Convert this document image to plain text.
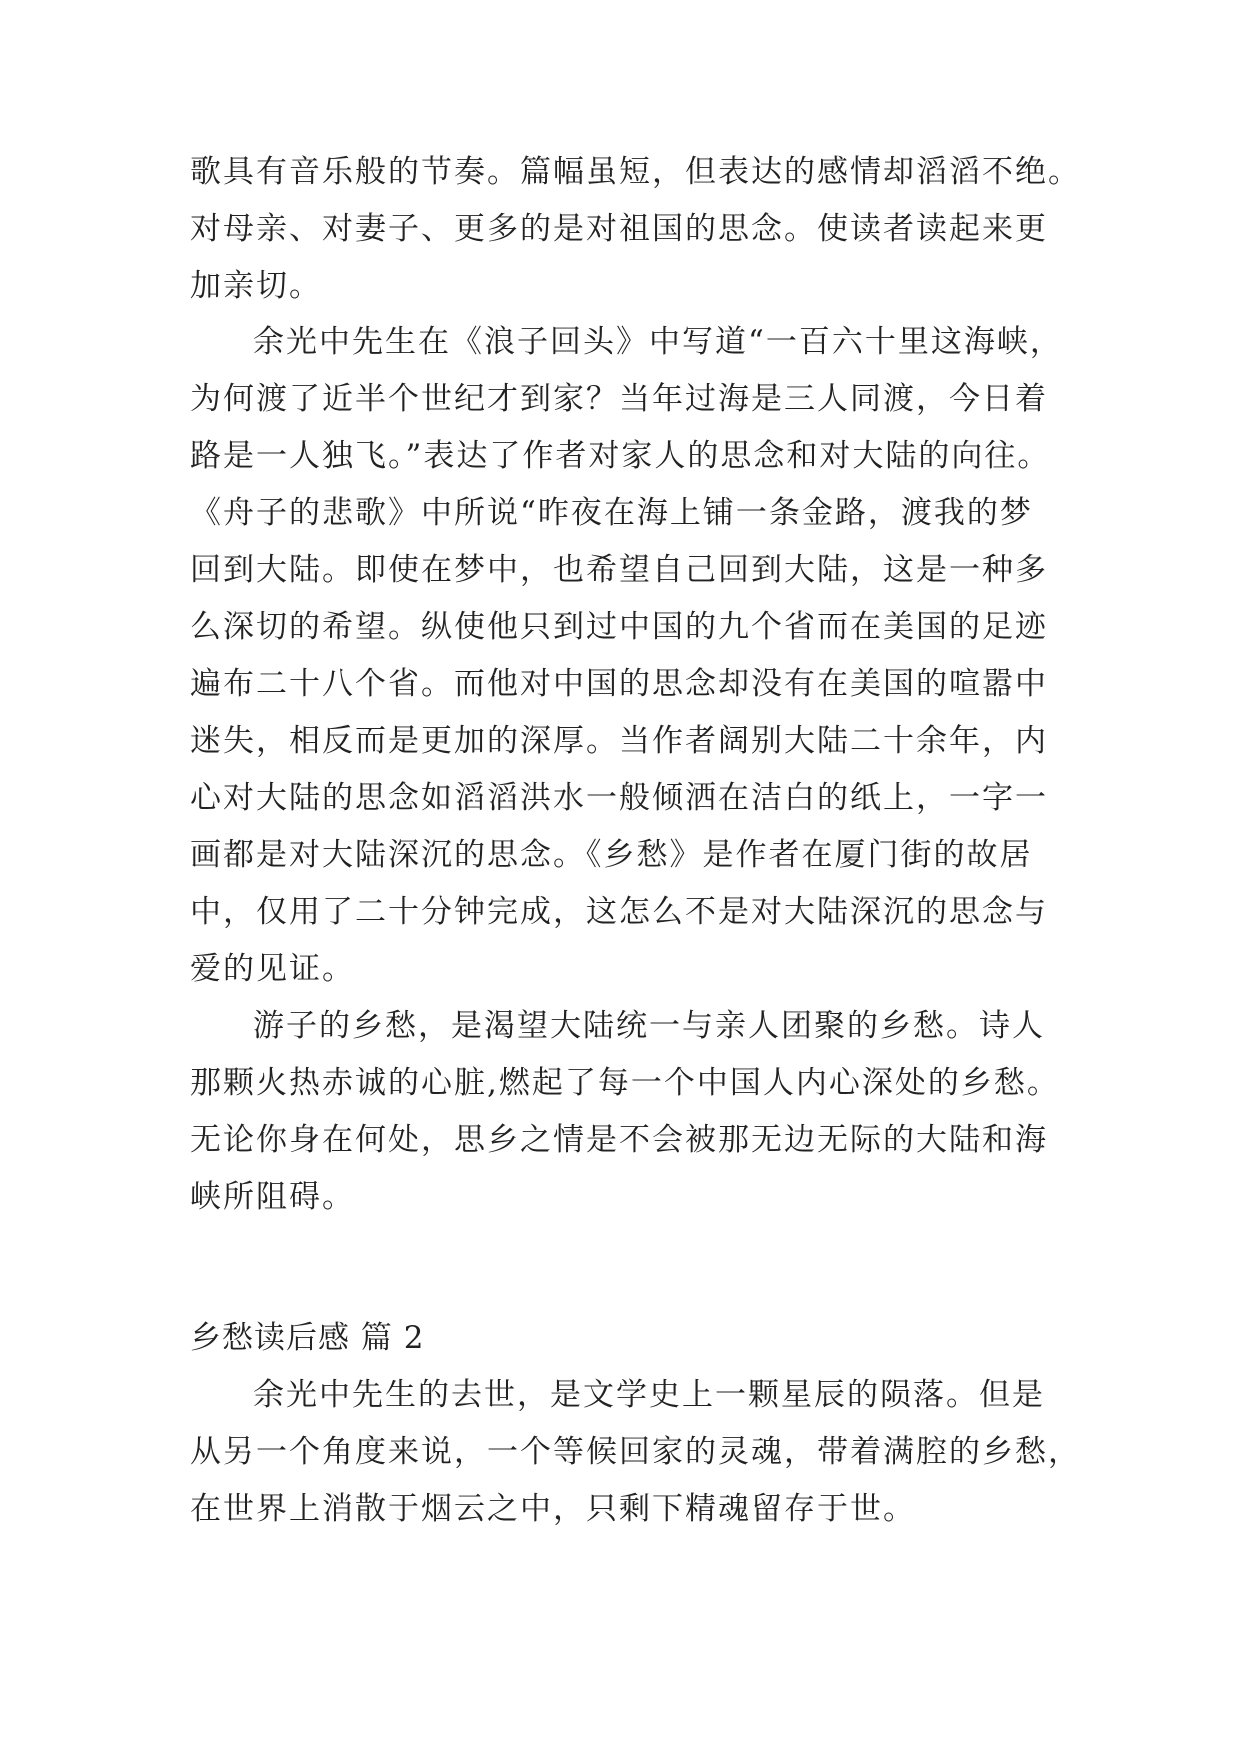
歌具有音乐般的节奏。篇幅虽短，但表达的感情却滔滔不绝。
对母亲、对妻子、更多的是对祖国的思念。使读者读起来更
加亲切。
余光中先生在《浪子回头》中写道“一百六十里这海峡，
为何渡了近半个世纪才到家？当年过海是三人同渡，今日着
路是一人独飞。”表达了作者对家人的思念和对大陆的向往。
《舟子的悲歌》中所说“昨夜在海上铺一条金路，渡我的梦
回到大陆。即使在梦中，也希望自己回到大陆，这是一种多
么深切的希望。纵使他只到过中国的九个省而在美国的足迹
遍布二十八个省。而他对中国的思念却没有在美国的喧嚣中
迷失，相反而是更加的深厚。当作者阔别大陆二十余年，内
心对大陆的思念如滔滔洪水一般倾洒在洁白的纸上，一字一
画都是对大陆深沉的思念。《乡愁》是作者在厦门街的故居
中，仅用了二十分钟完成，这怎么不是对大陆深沉的思念与
爱的见证。
游子的乡愁，是渴望大陆统一与亲人团聚的乡愁。诗人
那颗火热赤诚的心脏,燃起了每一个中国人内心深处的乡愁。
无论你身在何处，思乡之情是不会被那无边无际的大陆和海
峡所阻碍。
乡愁读后感 篇 2
余光中先生的去世，是文学史上一颗星辰的陨落。但是
从另一个角度来说，一个等候回家的灵魂，带着满腔的乡愁，
在世界上消散于烟云之中，只剩下精魂留存于世。
